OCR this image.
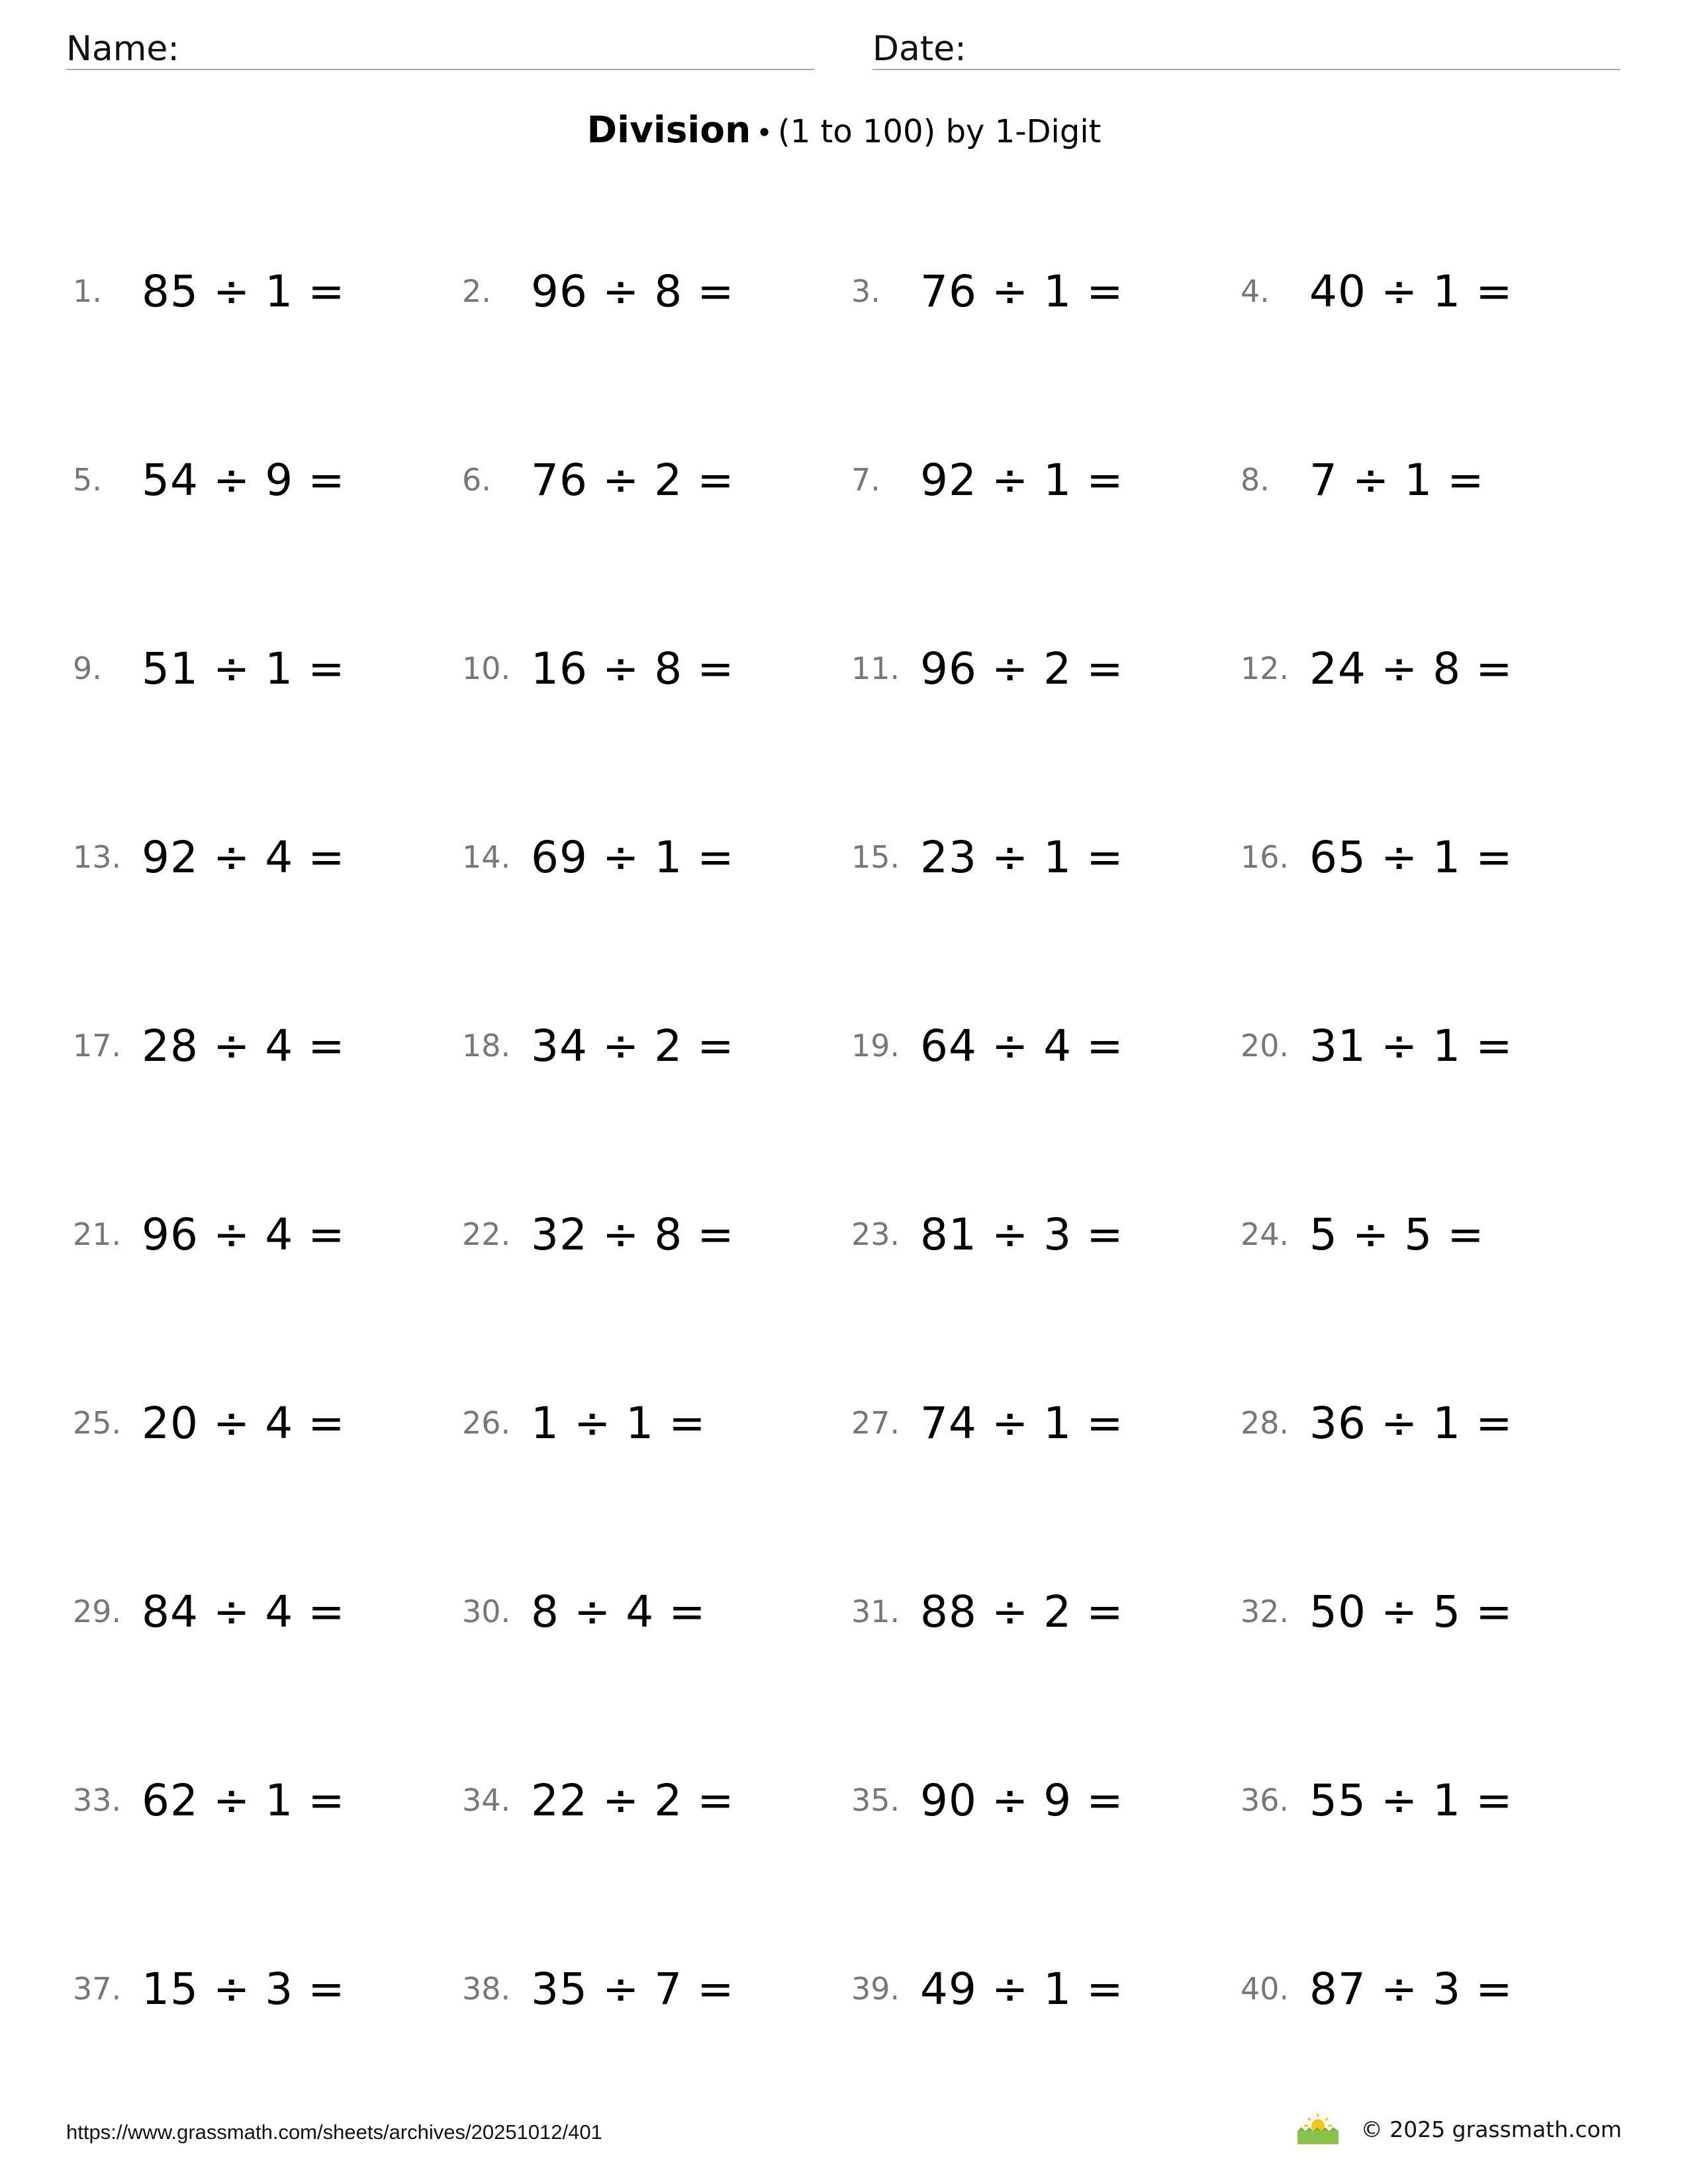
Name:	Date:
Division • (1 to 100) by 1-Digit
1. 85 ÷ 1 =	2. 96 ÷ 8 =	3. 76 ÷ 1 =	4. 40 ÷ 1 =
5. 54 ÷ 9 =	6. 76 ÷ 2 =	7. 92 ÷ 1 =	8. 7 ÷ 1 =
9. 51 ÷ 1 =	10. 16 ÷ 8 =	11. 96 ÷ 2 =	12. 24 ÷ 8 =
13. 92 ÷ 4 =	14. 69 ÷ 1 =	15. 23 ÷ 1 =	16. 65 ÷ 1 =
17. 28 ÷ 4 =	18. 34 ÷ 2 =	19. 64 ÷ 4 =	20. 31 ÷ 1 =
21. 96 ÷ 4 =	22. 32 ÷ 8 =	23. 81 ÷ 3 =	24. 5 ÷ 5 =
25. 20 ÷ 4 =	26. 1 ÷ 1 =	27. 74 ÷ 1 =	28. 36 ÷ 1 =
29. 84 ÷ 4 =	30. 8 ÷ 4 =	31. 88 ÷ 2 =	32. 50 ÷ 5 =
33. 62 ÷ 1 =	34. 22 ÷ 2 =	35. 90 ÷ 9 =	36. 55 ÷ 1 =
37. 15 ÷ 3 =	38. 35 ÷ 7 =	39. 49 ÷ 1 =	40. 87 ÷ 3 =
https://www.grassmath.com/sheets/archives/20251012/401	© 2025 grassmath.com
